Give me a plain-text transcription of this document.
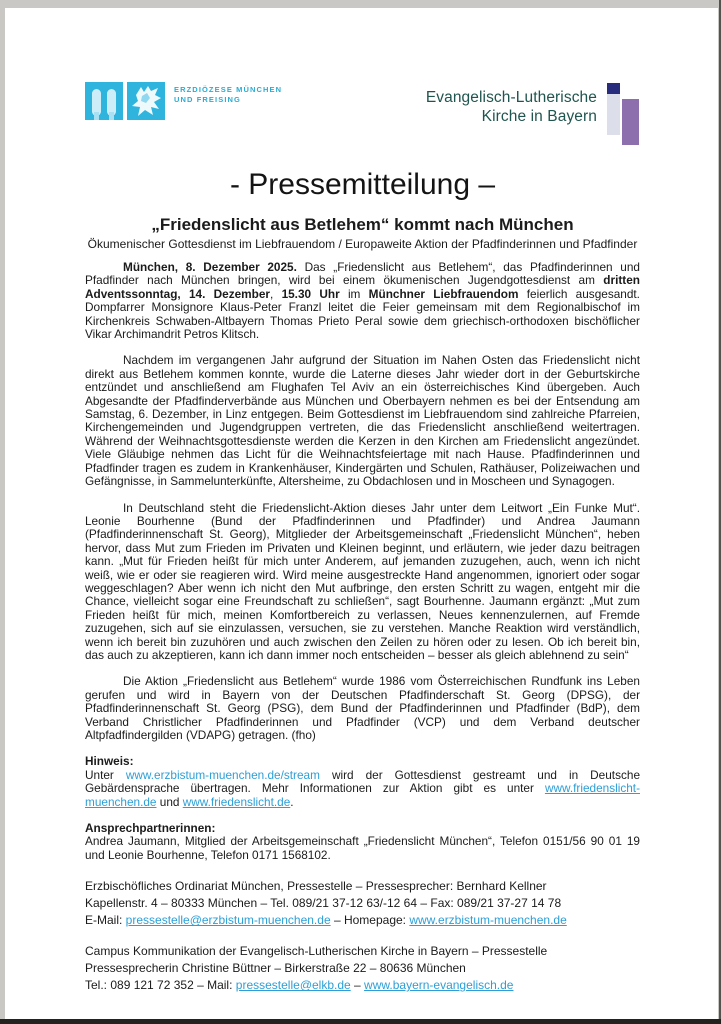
ERZDIÖZESE MÜNCHEN
UND FREISING	Evangelisch-Lutherische
Kirche in Bayern
- Pressemitteilung –
„Friedenslicht aus Betlehem“ kommt nach München
Ökumenischer Gottesdienst im Liebfrauendom / Europaweite Aktion der Pfadfinderinnen und Pfadfinder

München, 8. Dezember 2025. Das „Friedenslicht aus Betlehem“, das Pfadfinderinnen und Pfadfinder nach München bringen, wird bei einem ökumenischen Jugendgottesdienst am dritten Adventssonntag, 14. Dezember, 15.30 Uhr im Münchner Liebfrauendom feierlich ausgesandt. Dompfarrer Monsignore Klaus-Peter Franzl leitet die Feier gemeinsam mit dem Regionalbischof im Kirchenkreis Schwaben-Altbayern Thomas Prieto Peral sowie dem griechisch-orthodoxen bischöflicher Vikar Archimandrit Petros Klitsch.

Nachdem im vergangenen Jahr aufgrund der Situation im Nahen Osten das Friedenslicht nicht direkt aus Betlehem kommen konnte, wurde die Laterne dieses Jahr wieder dort in der Geburtskirche entzündet und anschließend am Flughafen Tel Aviv an ein österreichisches Kind übergeben. Auch Abgesandte der Pfadfinderverbände aus München und Oberbayern nehmen es bei der Entsendung am Samstag, 6. Dezember, in Linz entgegen. Beim Gottesdienst im Liebfrauendom sind zahlreiche Pfarreien, Kirchengemeinden und Jugendgruppen vertreten, die das Friedenslicht anschließend weitertragen. Während der Weihnachtsgottesdienste werden die Kerzen in den Kirchen am Friedenslicht angezündet. Viele Gläubige nehmen das Licht für die Weihnachtsfeiertage mit nach Hause. Pfadfinderinnen und Pfadfinder tragen es zudem in Krankenhäuser, Kindergärten und Schulen, Rathäuser, Polizeiwachen und Gefängnisse, in Sammelunterkünfte, Altersheime, zu Obdachlosen und in Moscheen und Synagogen.

In Deutschland steht die Friedenslicht-Aktion dieses Jahr unter dem Leitwort „Ein Funke Mut“. Leonie Bourhenne (Bund der Pfadfinderinnen und Pfadfinder) und Andrea Jaumann (Pfadfinderinnenschaft St. Georg), Mitglieder der Arbeitsgemeinschaft „Friedenslicht München“, heben hervor, dass Mut zum Frieden im Privaten und Kleinen beginnt, und erläutern, wie jeder dazu beitragen kann. „Mut für Frieden heißt für mich unter Anderem, auf jemanden zuzugehen, auch, wenn ich nicht weiß, wie er oder sie reagieren wird. Wird meine ausgestreckte Hand angenommen, ignoriert oder sogar weggeschlagen? Aber wenn ich nicht den Mut aufbringe, den ersten Schritt zu wagen, entgeht mir die Chance, vielleicht sogar eine Freundschaft zu schließen“, sagt Bourhenne. Jaumann ergänzt: „Mut zum Frieden heißt für mich, meinen Komfortbereich zu verlassen, Neues kennenzulernen, auf Fremde zuzugehen, sich auf sie einzulassen, versuchen, sie zu verstehen. Manche Reaktion wird verständlich, wenn ich bereit bin zuzuhören und auch zwischen den Zeilen zu hören oder zu lesen. Ob ich bereit bin, das auch zu akzeptieren, kann ich dann immer noch entscheiden – besser als gleich ablehnend zu sein“

Die Aktion „Friedenslicht aus Betlehem“ wurde 1986 vom Österreichischen Rundfunk ins Leben gerufen und wird in Bayern von der Deutschen Pfadfinderschaft St. Georg (DPSG), der Pfadfinderinnenschaft St. Georg (PSG), dem Bund der Pfadfinderinnen und Pfadfinder (BdP), dem Verband Christlicher Pfadfinderinnen und Pfadfinder (VCP) und dem Verband deutscher Altpfadfindergilden (VDAPG) getragen. (fho)

Hinweis:

Unter www.erzbistum-muenchen.de/stream wird der Gottesdienst gestreamt und in Deutsche Gebärdensprache übertragen. Mehr Informationen zur Aktion gibt es unter www.friedenslicht-muenchen.de und www.friedenslicht.de.

Ansprechpartnerinnen:

Andrea Jaumann, Mitglied der Arbeitsgemeinschaft „Friedenslicht München“, Telefon 0151/56 90 01 19 und Leonie Bourhenne, Telefon 0171 1568102.

Erzbischöfliches Ordinariat München, Pressestelle – Pressesprecher: Bernhard Kellner
Kapellenstr. 4 – 80333 München – Tel. 089/21 37-12 63/-12 64 – Fax: 089/21 37-27 14 78
E-Mail: pressestelle@erzbistum-muenchen.de – Homepage: www.erzbistum-muenchen.de
Campus Kommunikation der Evangelisch-Lutherischen Kirche in Bayern – Pressestelle
Pressesprecherin Christine Büttner – Birkerstraße 22 – 80636 München
Tel.: 089 121 72 352 – Mail: pressestelle@elkb.de – www.bayern-evangelisch.de
